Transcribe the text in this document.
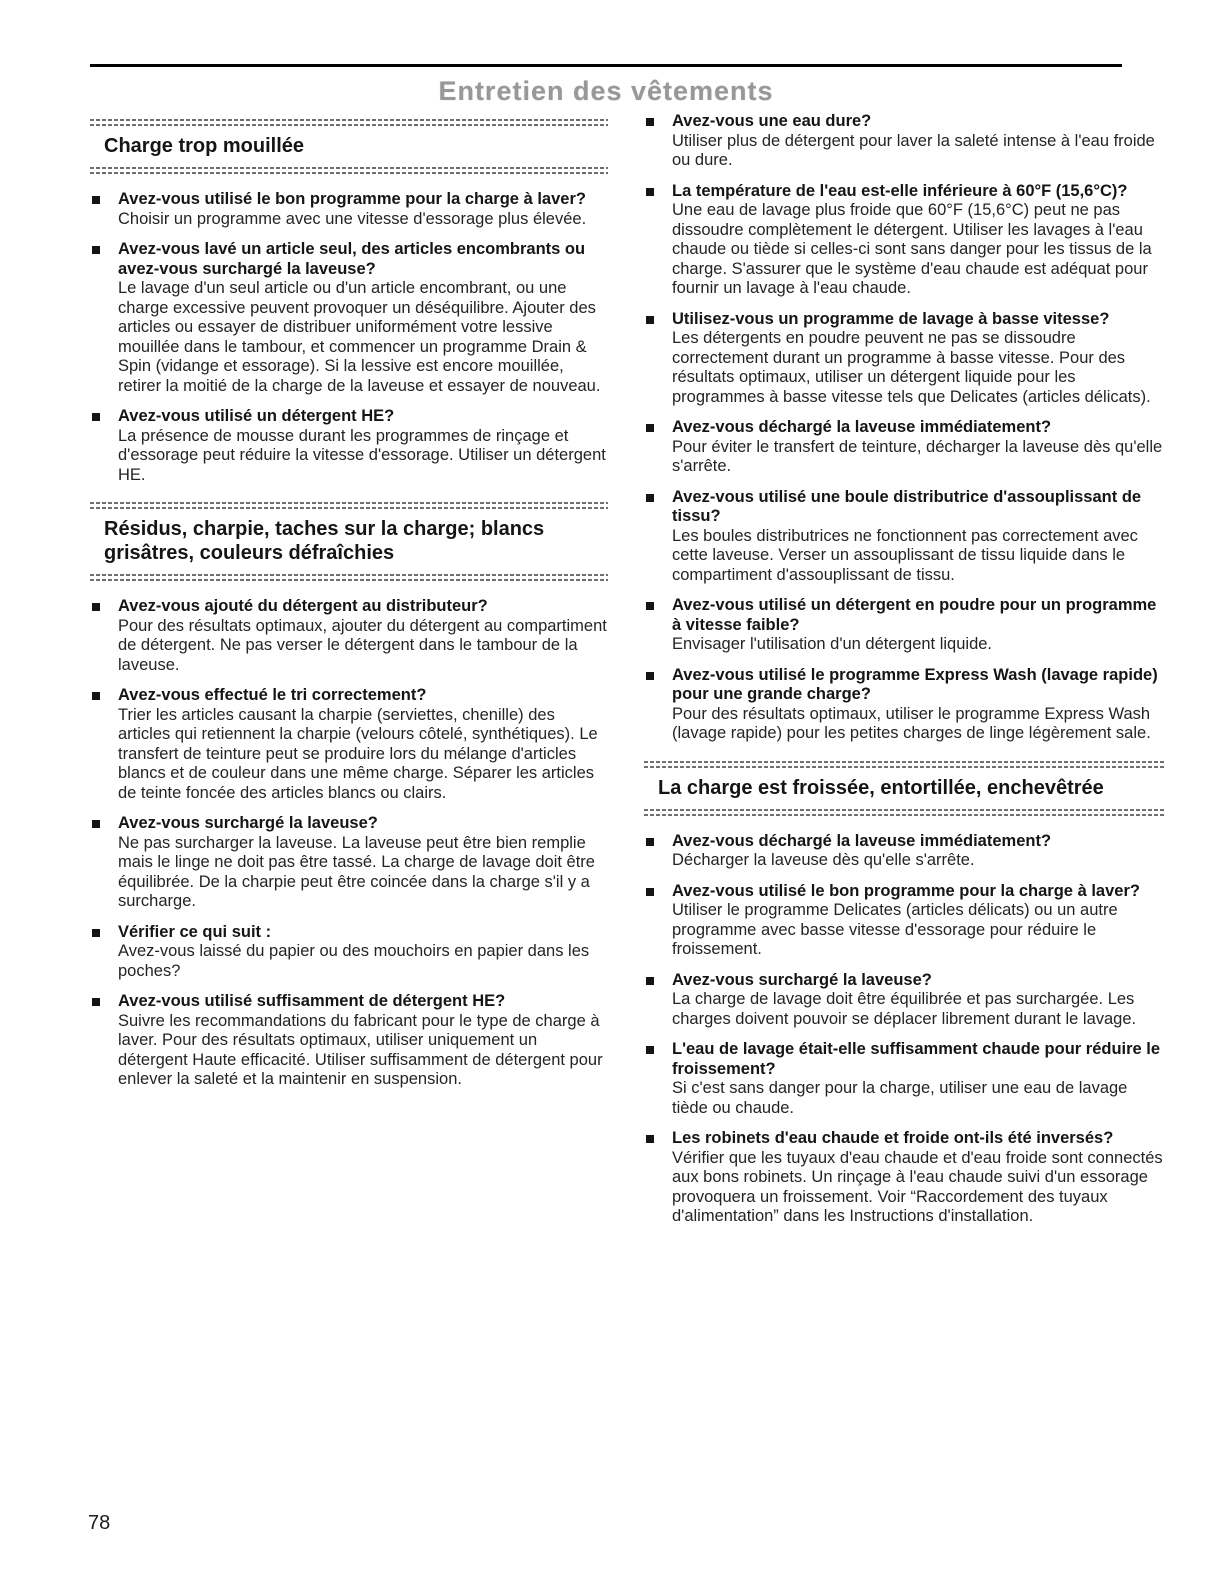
Entretien des vêtements
Charge trop mouillée
Avez-vous utilisé le bon programme pour la charge à laver?
Choisir un programme avec une vitesse d'essorage plus élevée.
Avez-vous lavé un article seul, des articles encombrants ou avez-vous surchargé la laveuse?
Le lavage d'un seul article ou d'un article encombrant, ou une charge excessive peuvent provoquer un déséquilibre. Ajouter des articles ou essayer de distribuer uniformément votre lessive mouillée dans le tambour, et commencer un programme Drain & Spin (vidange et essorage). Si la lessive est encore mouillée, retirer la moitié de la charge de la laveuse et essayer de nouveau.
Avez-vous utilisé un détergent HE?
La présence de mousse durant les programmes de rinçage et d'essorage peut réduire la vitesse d'essorage. Utiliser un détergent HE.
Résidus, charpie, taches sur la charge; blancs grisâtres, couleurs défraîchies
Avez-vous ajouté du détergent au distributeur?
Pour des résultats optimaux, ajouter du détergent au compartiment de détergent. Ne pas verser le détergent dans le tambour de la laveuse.
Avez-vous effectué le tri correctement?
Trier les articles causant la charpie (serviettes, chenille) des articles qui retiennent la charpie (velours côtelé, synthétiques). Le transfert de teinture peut se produire lors du mélange d'articles blancs et de couleur dans une même charge. Séparer les articles de teinte foncée des articles blancs ou clairs.
Avez-vous surchargé la laveuse?
Ne pas surcharger la laveuse. La laveuse peut être bien remplie mais le linge ne doit pas être tassé. La charge de lavage doit être équilibrée. De la charpie peut être coincée dans la charge s'il y a surcharge.
Vérifier ce qui suit :
Avez-vous laissé du papier ou des mouchoirs en papier dans les poches?
Avez-vous utilisé suffisamment de détergent HE?
Suivre les recommandations du fabricant pour le type de charge à laver. Pour des résultats optimaux, utiliser uniquement un détergent Haute efficacité. Utiliser suffisamment de détergent pour enlever la saleté et la maintenir en suspension.
Avez-vous une eau dure?
Utiliser plus de détergent pour laver la saleté intense à l'eau froide ou dure.
La température de l'eau est-elle inférieure à 60°F (15,6°C)?
Une eau de lavage plus froide que 60°F (15,6°C) peut ne pas dissoudre complètement le détergent. Utiliser les lavages à l'eau chaude ou tiède si celles-ci sont sans danger pour les tissus de la charge. S'assurer que le système d'eau chaude est adéquat pour fournir un lavage à l'eau chaude.
Utilisez-vous un programme de lavage à basse vitesse?
Les détergents en poudre peuvent ne pas se dissoudre correctement durant un programme à basse vitesse. Pour des résultats optimaux, utiliser un détergent liquide pour les programmes à basse vitesse tels que Delicates (articles délicats).
Avez-vous déchargé la laveuse immédiatement?
Pour éviter le transfert de teinture, décharger la laveuse dès qu'elle s'arrête.
Avez-vous utilisé une boule distributrice d'assouplissant de tissu?
Les boules distributrices ne fonctionnent pas correctement avec cette laveuse. Verser un assouplissant de tissu liquide dans le compartiment d'assouplissant de tissu.
Avez-vous utilisé un détergent en poudre pour un programme à vitesse faible?
Envisager l'utilisation d'un détergent liquide.
Avez-vous utilisé le programme Express Wash (lavage rapide) pour une grande charge?
Pour des résultats optimaux, utiliser le programme Express Wash (lavage rapide) pour les petites charges de linge légèrement sale.
La charge est froissée, entortillée, enchevêtrée
Avez-vous déchargé la laveuse immédiatement?
Décharger la laveuse dès qu'elle s'arrête.
Avez-vous utilisé le bon programme pour la charge à laver?
Utiliser le programme Delicates (articles délicats) ou un autre programme avec basse vitesse d'essorage pour réduire le froissement.
Avez-vous surchargé la laveuse?
La charge de lavage doit être équilibrée et pas surchargée. Les charges doivent pouvoir se déplacer librement durant le lavage.
L'eau de lavage était-elle suffisamment chaude pour réduire le froissement?
Si c'est sans danger pour la charge, utiliser une eau de lavage tiède ou chaude.
Les robinets d'eau chaude et froide ont-ils été inversés?
Vérifier que les tuyaux d'eau chaude et d'eau froide sont connectés aux bons robinets. Un rinçage à l'eau chaude suivi d'un essorage provoquera un froissement. Voir “Raccordement des tuyaux d'alimentation” dans les Instructions d'installation.
78
